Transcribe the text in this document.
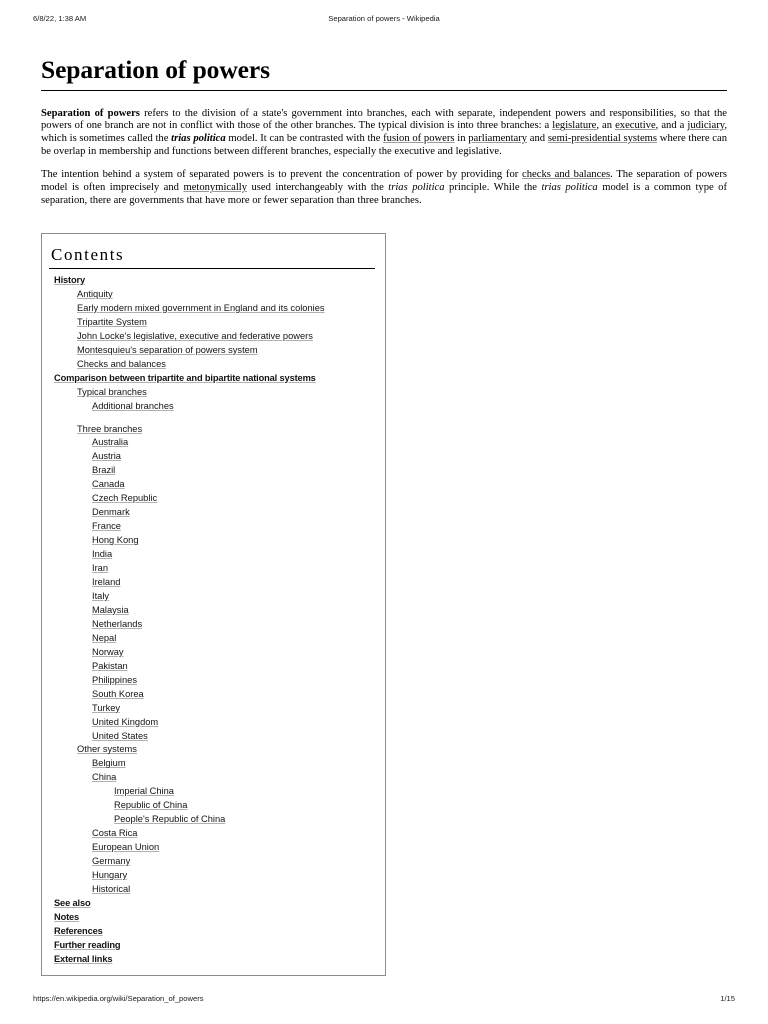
6/8/22, 1:38 AM	Separation of powers - Wikipedia
Separation of powers

Separation of powers refers to the division of a state's government into branches, each with separate, independent powers and responsibilities, so that the powers of one branch are not in conflict with those of the other branches. The typical division is into three branches: a legislature, an executive, and a judiciary, which is sometimes called the trias politica model. It can be contrasted with the fusion of powers in parliamentary and semi-presidential systems where there can be overlap in membership and functions between different branches, especially the executive and legislative.

The intention behind a system of separated powers is to prevent the concentration of power by providing for checks and balances. The separation of powers model is often imprecisely and metonymically used interchangeably with the trias politica principle. While the trias politica model is a common type of separation, there are governments that have more or fewer separation than three branches.

Contents
History
Antiquity
Early modern mixed government in England and its colonies
Tripartite System
John Locke's legislative, executive and federative powers
Montesquieu's separation of powers system
Checks and balances
Comparison between tripartite and bipartite national systems
Typical branches
Additional branches
Three branches
Australia
Austria
Brazil
Canada
Czech Republic
Denmark
France
Hong Kong
India
Iran
Ireland
Italy
Malaysia
Netherlands
Nepal
Norway
Pakistan
Philippines
South Korea
Turkey
United Kingdom
United States
Other systems
Belgium
China
Imperial China
Republic of China
People's Republic of China
Costa Rica
European Union
Germany
Hungary
Historical
See also
Notes
References
Further reading
External links
https://en.wikipedia.org/wiki/Separation_of_powers	1/15
